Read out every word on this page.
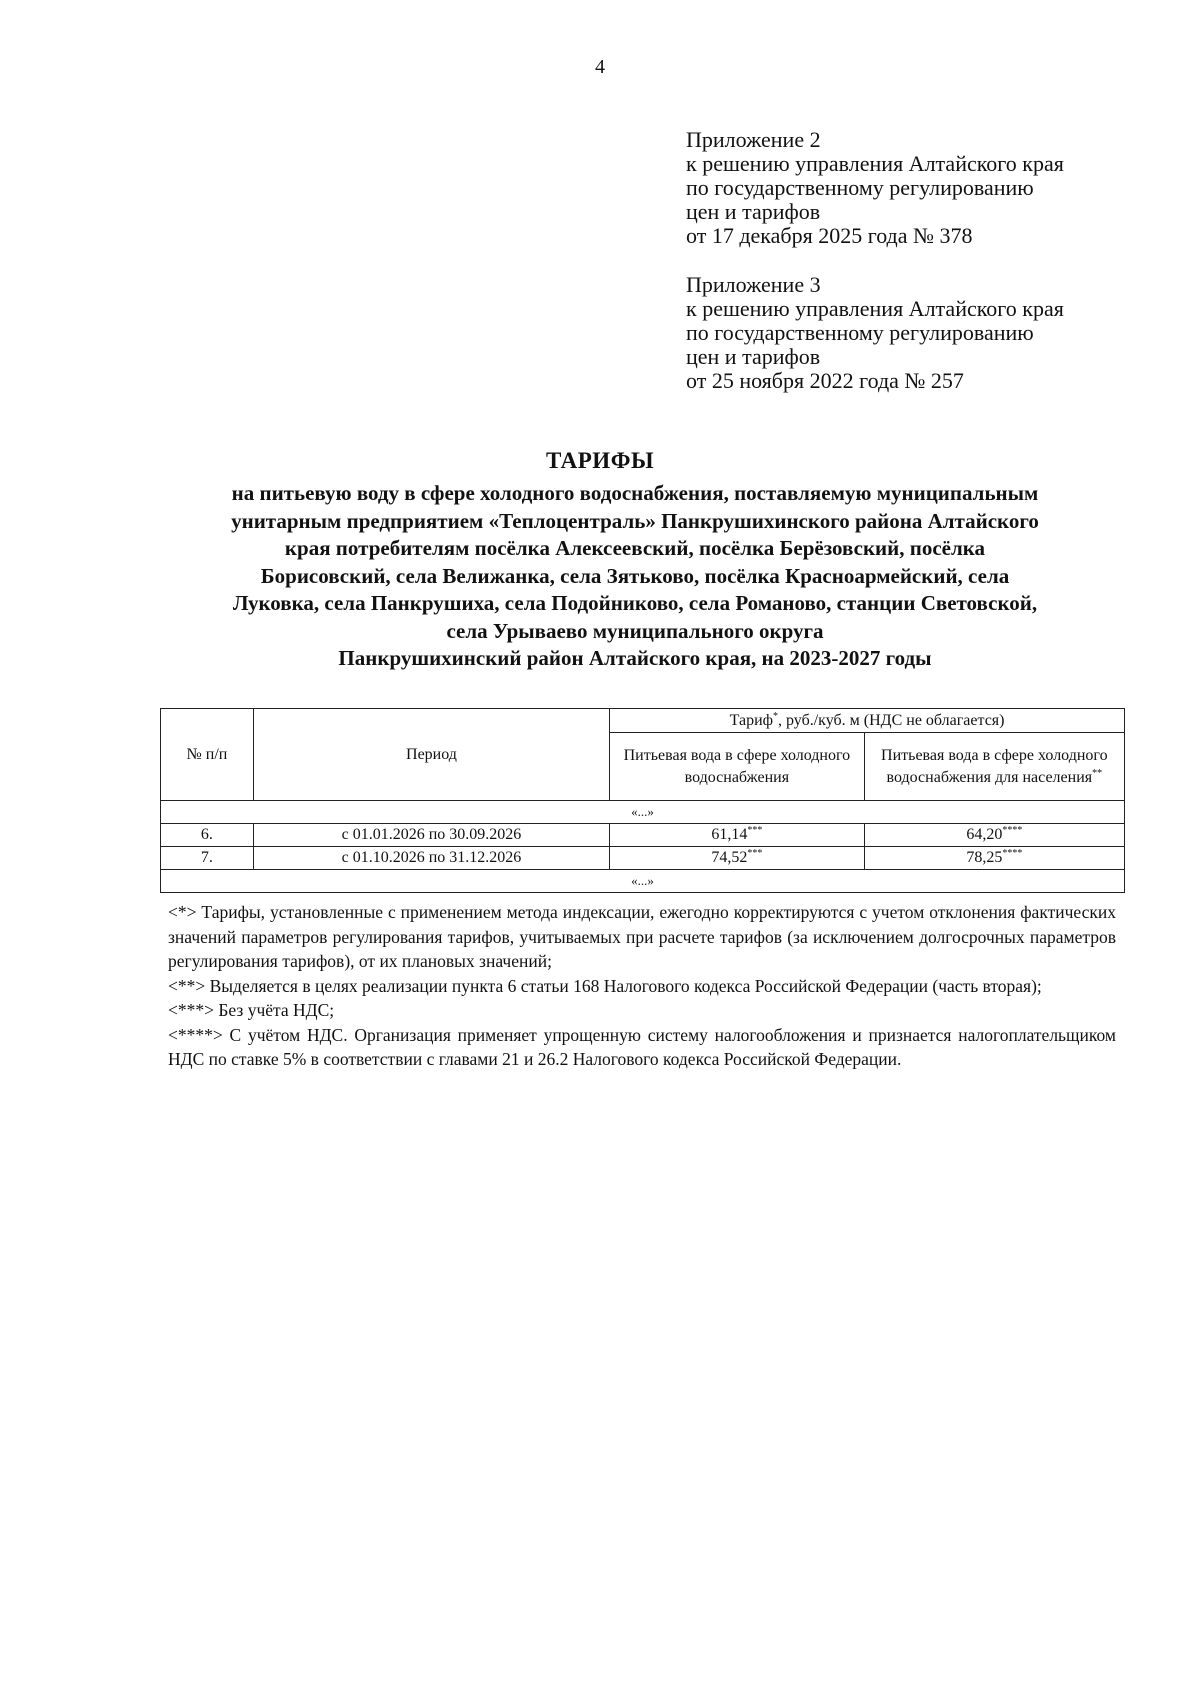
4
Приложение 2
к решению управления Алтайского края
по государственному регулированию
цен и тарифов
от 17 декабря 2025 года № 378
Приложение 3
к решению управления Алтайского края
по государственному регулированию
цен и тарифов
от 25 ноября 2022 года № 257
ТАРИФЫ
на питьевую воду в сфере холодного водоснабжения, поставляемую муниципальным
унитарным предприятием «Теплоцентраль» Панкрушихинского района Алтайского
края потребителям посёлка Алексеевский, посёлка Берёзовский, посёлка
Борисовский, села Велижанка, села Зятьково, посёлка Красноармейский, села
Луковка, села Панкрушиха, села Подойниково, села Романово, станции Световской,
села Урываево муниципального округа
Панкрушихинский район Алтайского края, на 2023-2027 годы
№ п/п	Период	Тариф*, руб./куб. м (НДС не облагается)	
		Питьевая вода в сфере холодного водоснабжения	Питьевая вода в сфере холодного водоснабжения для населения**
«...»			
6.	с 01.01.2026 по 30.09.2026	61,14***	64,20****
7.	с 01.10.2026 по 31.12.2026	74,52***	78,25****
«...»			

<*> Тарифы, установленные с применением метода индексации, ежегодно корректируются с учетом отклонения фактических значений параметров регулирования тарифов, учитываемых при расчете тарифов (за исключением долгосрочных параметров регулирования тарифов), от их плановых значений;

<**> Выделяется в целях реализации пункта 6 статьи 168 Налогового кодекса Российской Федерации (часть вторая);

<***> Без учёта НДС;

<****> С учётом НДС. Организация применяет упрощенную систему налогообложения и признается налогоплательщиком НДС по ставке 5% в соответствии с главами 21 и 26.2 Налогового кодекса Российской Федерации.
